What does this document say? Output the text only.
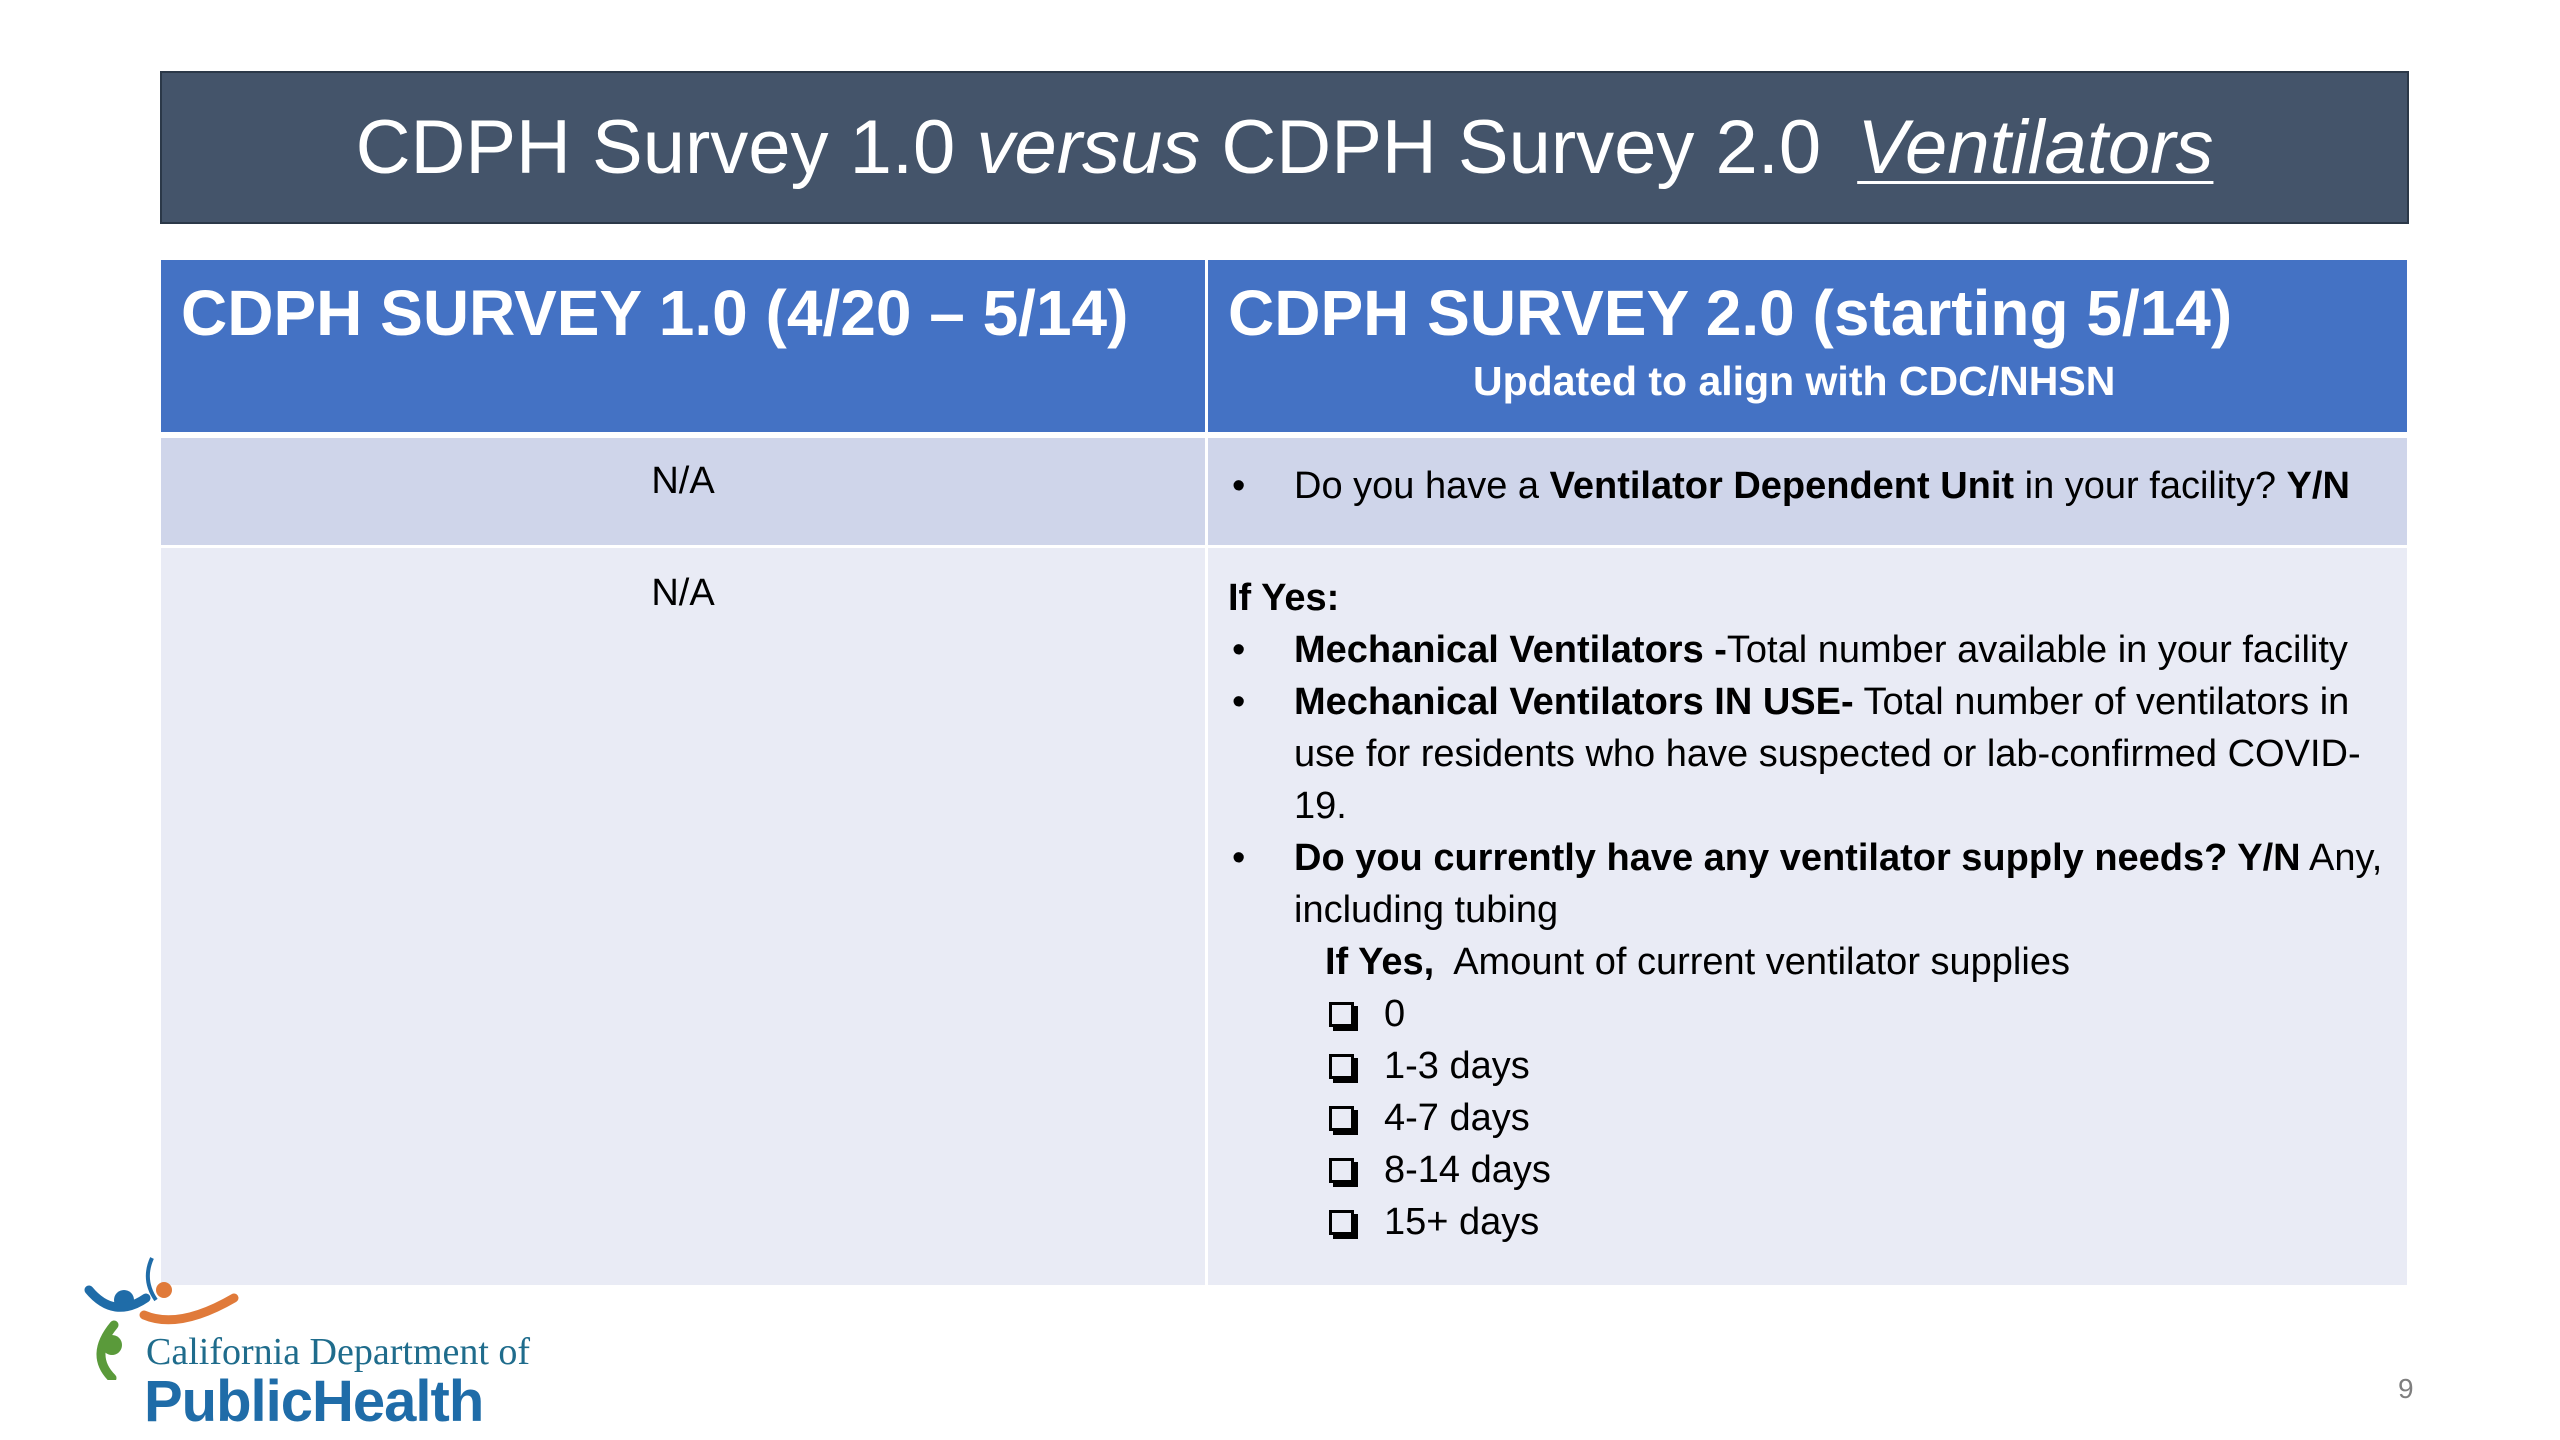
CDPH Survey 1.0
versus
CDPH Survey 2.0 Ventilators
CDPH SURVEY 1.0 (4/20 – 5/14)	CDPH SURVEY 2.0 (starting 5/14)
Updated to align with CDC/NHSN
N/A	•	Do you have a Ventilator Dependent Unit in your facility? Y/N
N/A	If Yes:
•	Mechanical Ventilators -Total number available in your facility
•	Mechanical Ventilators IN USE- Total number of ventilators in use for residents who have suspected or lab-confirmed COVID-19.
•	Do you currently have any ventilator supply needs? Y/N Any, including tubing
If Yes,  Amount of current ventilator supplies
0
1-3 days
4-7 days
8-14 days
15+ days
California Department of
PublicHealth	9
